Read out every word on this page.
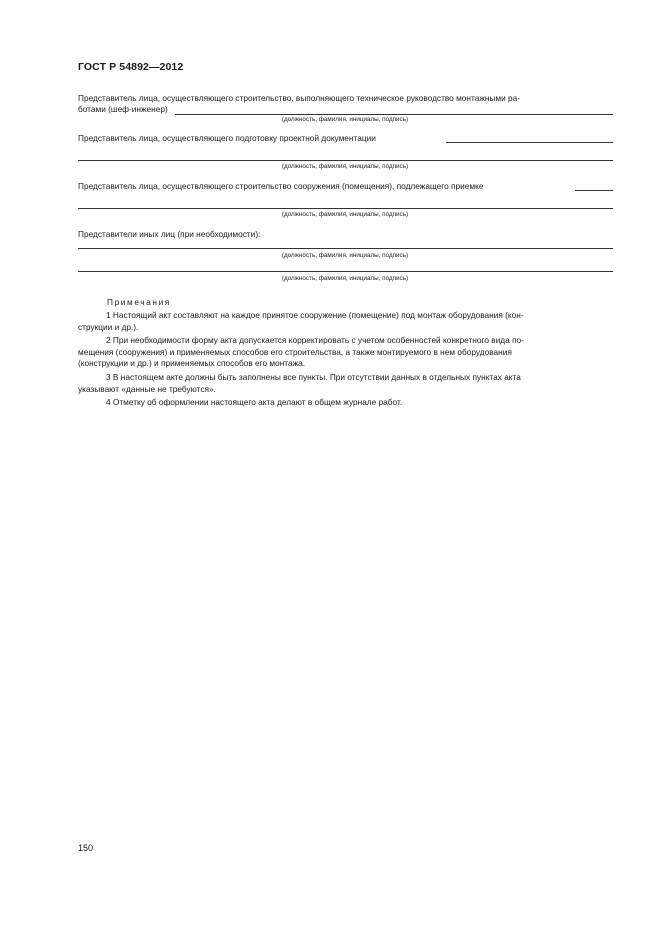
ГОСТ Р 54892—2012
Представитель лица, осуществляющего строительство, выполняющего техническое руководство монтажными ра-
ботами (шеф-инженер)
(должность, фамилия, инициалы, подпись)
Представитель лица, осуществляющего подготовку проектной документации
(должность, фамилия, инициалы, подпись)
Представитель лица, осуществляющего строительство сооружения (помещения), подлежащего приемке
(должность, фамилия, инициалы, подпись)
Представители иных лиц (при необходимости):
(должность, фамилия, инициалы, подпись)
(должность, фамилия, инициалы, подпись)
Примечания
1 Настоящий акт составляют на каждое принятое сооружение (помещение) под монтаж оборудования (кон-
струкции и др.).
2 При необходимости форму акта допускается корректировать с учетом особенностей конкретного вида по-
мещения (сооружения) и применяемых способов его строительства, а также монтируемого в нем оборудования
(конструкции и др.) и применяемых способов его монтажа.
3 В настоящем акте должны быть заполнены все пункты. При отсутствии данных в отдельных пунктах акта
указывают «данные не требуются».
4 Отметку об оформлении настоящего акта делают в общем журнале работ.
150
